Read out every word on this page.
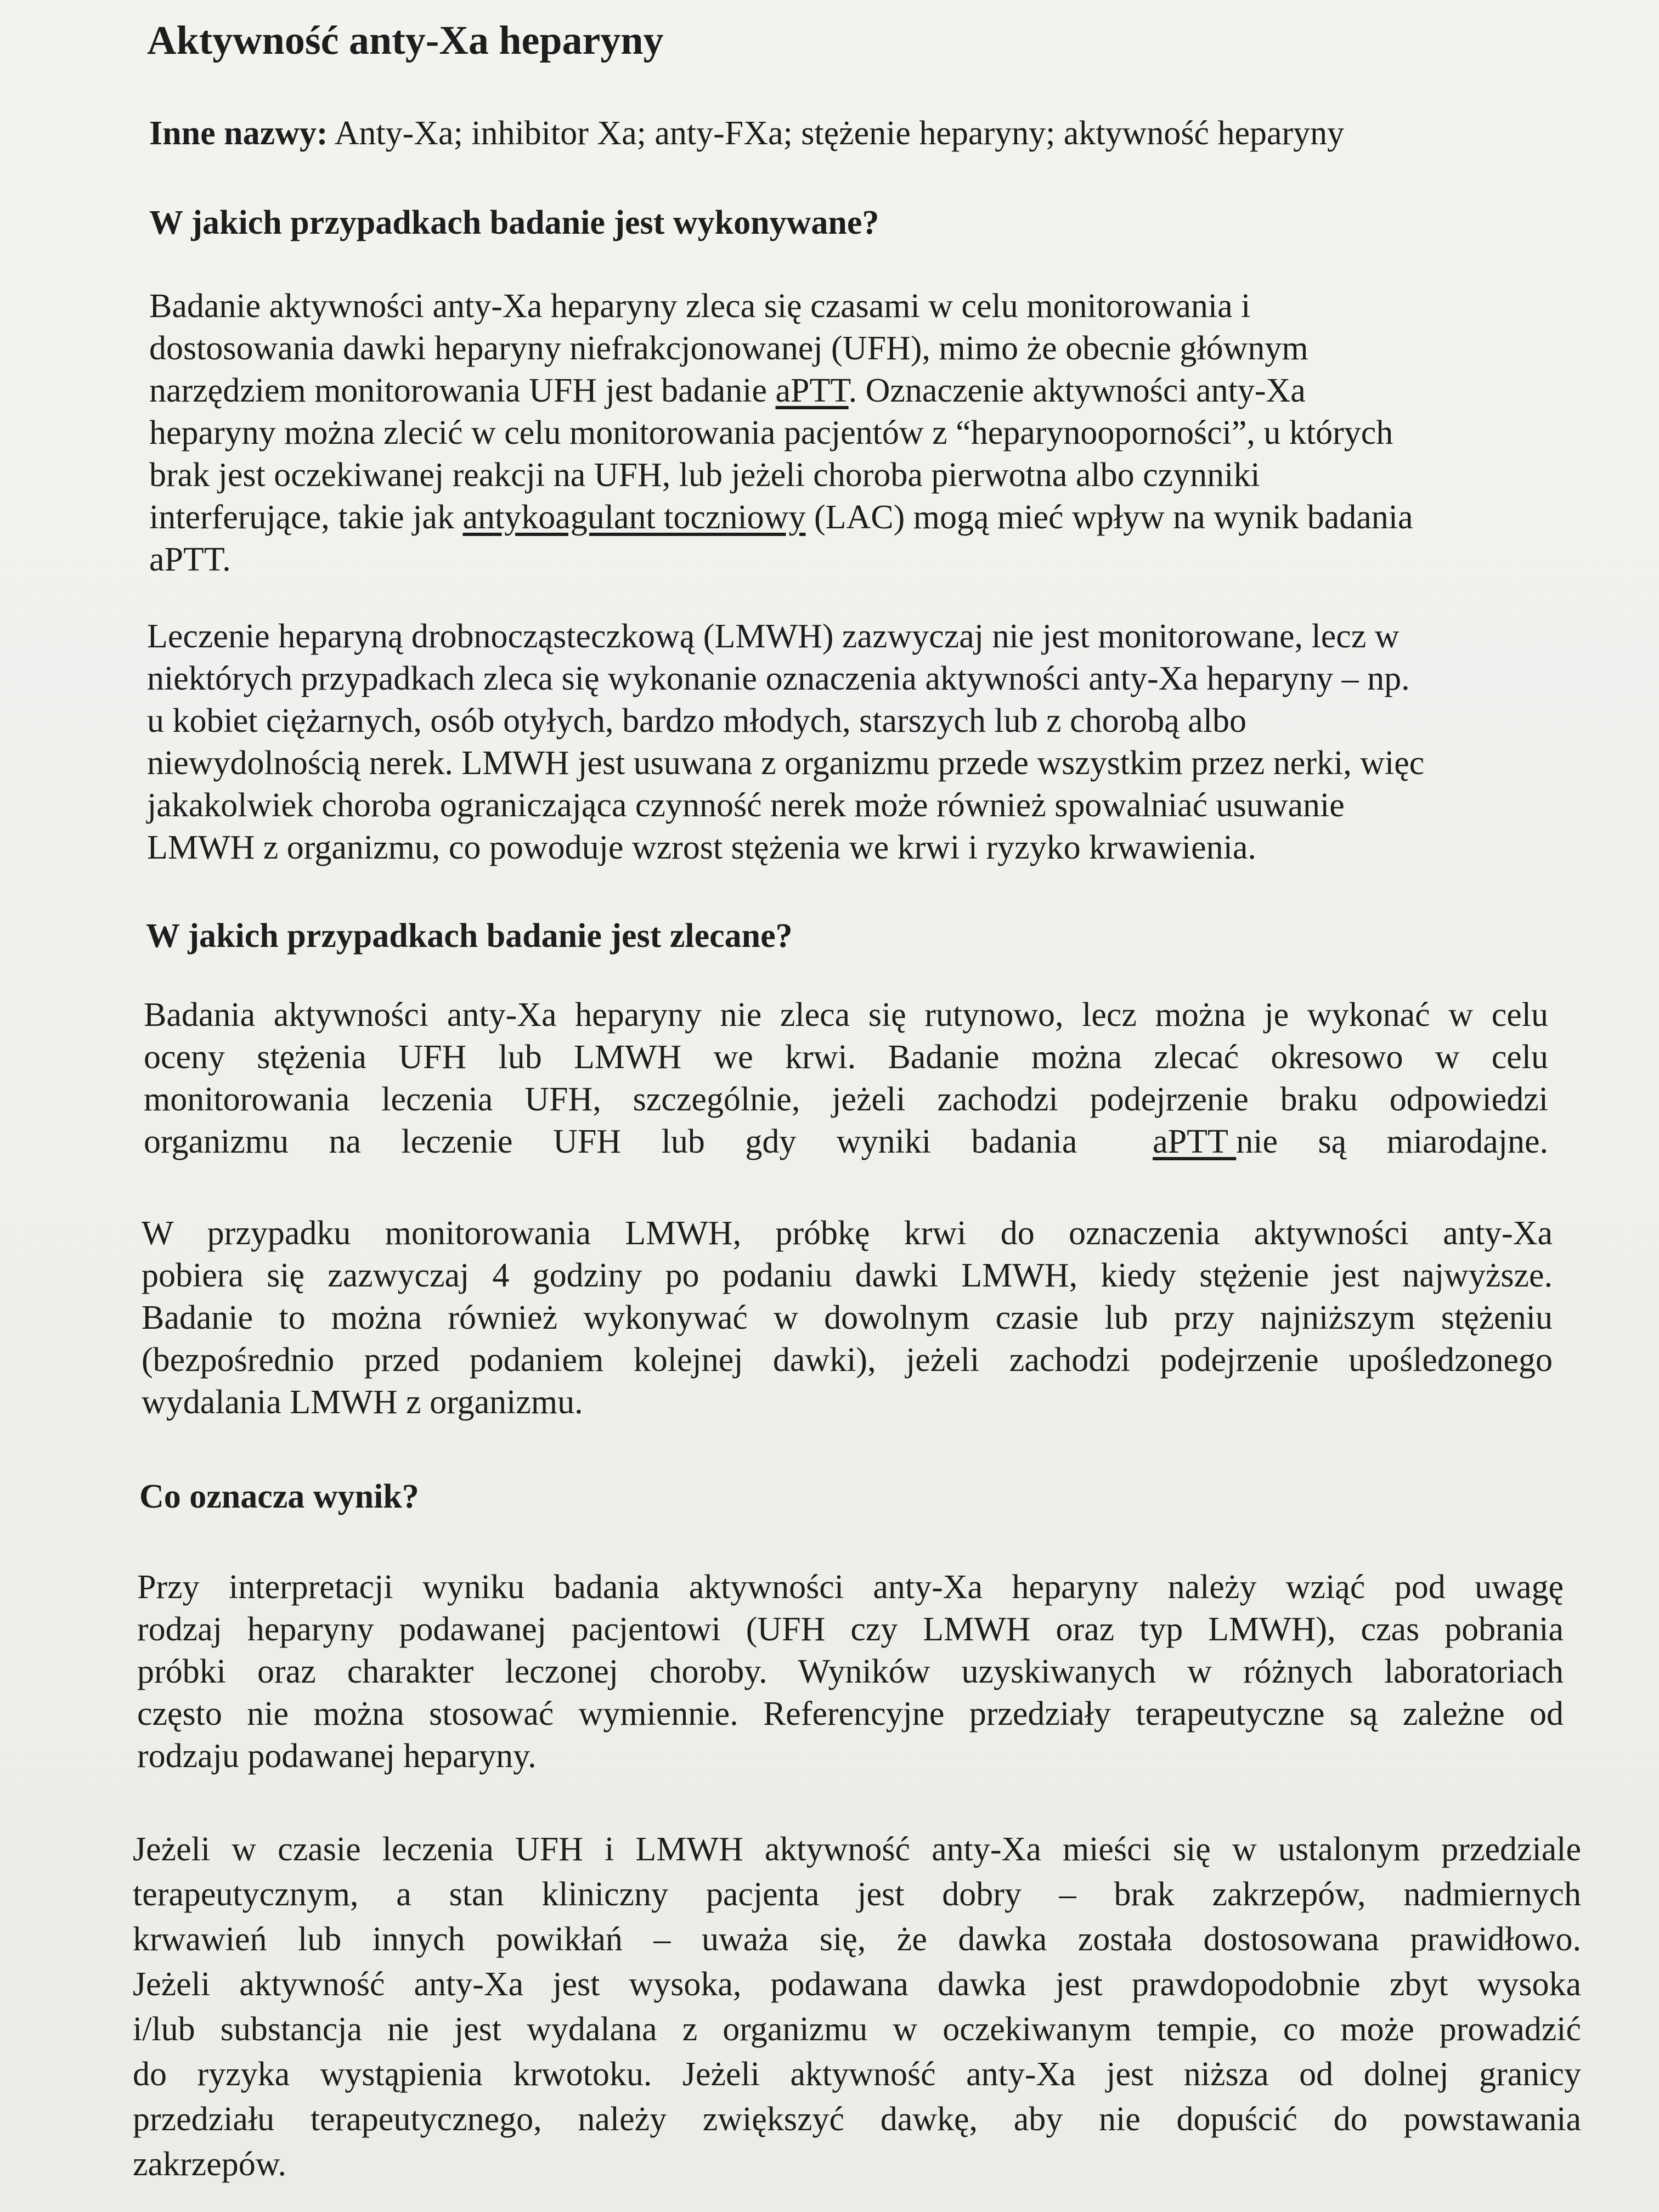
Aktywność anty-Xa heparyny

Inne nazwy: Anty-Xa; inhibitor Xa; anty-FXa; stężenie heparyny; aktywność heparyny

W jakich przypadkach badanie jest wykonywane?
Badanie aktywności anty-Xa heparyny zleca się czasami w celu monitorowania i
dostosowania dawki heparyny niefrakcjonowanej (UFH), mimo że obecnie głównym
narzędziem monitorowania UFH jest badanie aPTT. Oznaczenie aktywności anty-Xa
heparyny można zlecić w celu monitorowania pacjentów z “heparynooporności”, u których
brak jest oczekiwanej reakcji na UFH, lub jeżeli choroba pierwotna albo czynniki
interferujące, takie jak antykoagulant toczniowy (LAC) mogą mieć wpływ na wynik badania
aPTT.
Leczenie heparyną drobnocząsteczkową (LMWH) zazwyczaj nie jest monitorowane, lecz w
niektórych przypadkach zleca się wykonanie oznaczenia aktywności anty-Xa heparyny – np.
u kobiet ciężarnych, osób otyłych, bardzo młodych, starszych lub z chorobą albo
niewydolnością nerek. LMWH jest usuwana z organizmu przede wszystkim przez nerki, więc
jakakolwiek choroba ograniczająca czynność nerek może również spowalniać usuwanie
LMWH z organizmu, co powoduje wzrost stężenia we krwi i ryzyko krwawienia.
W jakich przypadkach badanie jest zlecane?
Badania aktywności anty-Xa heparyny nie zleca się rutynowo, lecz można je wykonać w celu
oceny stężenia UFH lub LMWH we krwi. Badanie można zlecać okresowo w celu
monitorowania leczenia UFH, szczególnie, jeżeli zachodzi podejrzenie braku odpowiedzi
organizmu na leczenie UFH lub gdy wyniki badania aPTT nie są miarodajne.
W przypadku monitorowania LMWH, próbkę krwi do oznaczenia aktywności anty-Xa
pobiera się zazwyczaj 4 godziny po podaniu dawki LMWH, kiedy stężenie jest najwyższe.
Badanie to można również wykonywać w dowolnym czasie lub przy najniższym stężeniu
(bezpośrednio przed podaniem kolejnej dawki), jeżeli zachodzi podejrzenie upośledzonego
wydalania LMWH z organizmu.
Co oznacza wynik?
Przy interpretacji wyniku badania aktywności anty-Xa heparyny należy wziąć pod uwagę
rodzaj heparyny podawanej pacjentowi (UFH czy LMWH oraz typ LMWH), czas pobrania
próbki oraz charakter leczonej choroby. Wyników uzyskiwanych w różnych laboratoriach
często nie można stosować wymiennie. Referencyjne przedziały terapeutyczne są zależne od
rodzaju podawanej heparyny.
Jeżeli w czasie leczenia UFH i LMWH aktywność anty-Xa mieści się w ustalonym przedziale
terapeutycznym, a stan kliniczny pacjenta jest dobry – brak zakrzepów, nadmiernych
krwawień lub innych powikłań – uważa się, że dawka została dostosowana prawidłowo.
Jeżeli aktywność anty-Xa jest wysoka, podawana dawka jest prawdopodobnie zbyt wysoka
i/lub substancja nie jest wydalana z organizmu w oczekiwanym tempie, co może prowadzić
do ryzyka wystąpienia krwotoku. Jeżeli aktywność anty-Xa jest niższa od dolnej granicy
przedziału terapeutycznego, należy zwiększyć dawkę, aby nie dopuścić do powstawania
zakrzepów.
